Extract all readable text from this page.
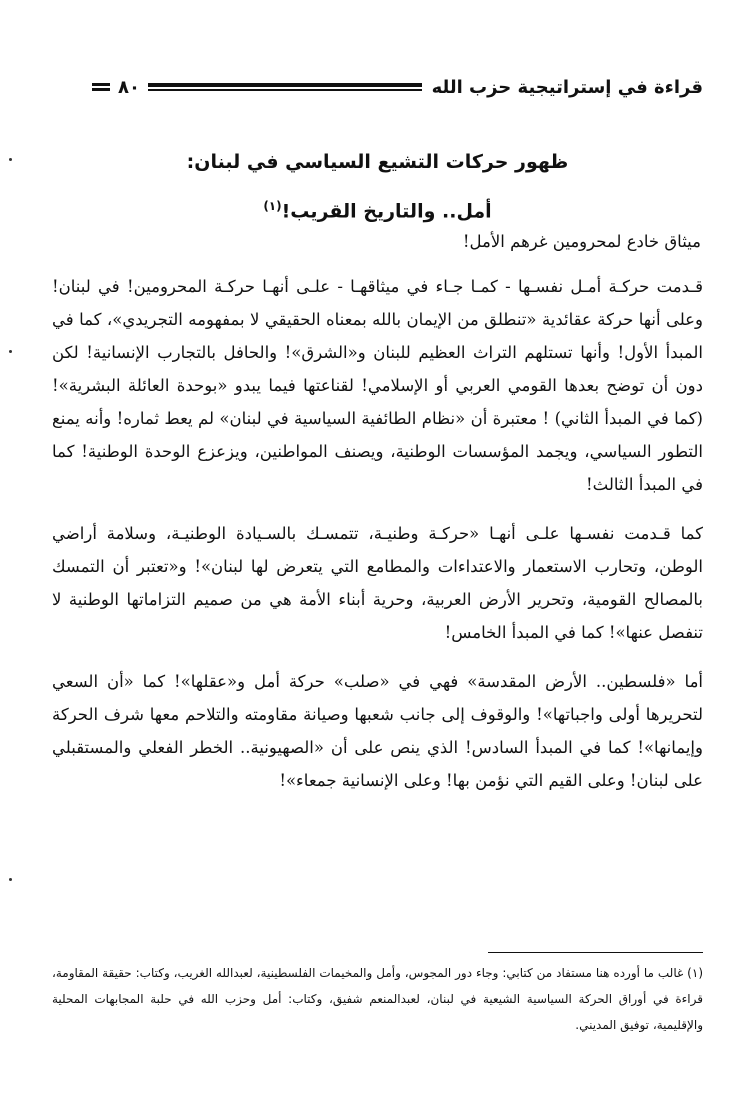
قراءة في إستراتيجية حزب الله
٨٠
ظهور حركات التشيع السياسي في لبنان:
أمل.. والتاريخ القريب!$^{(١)}$

ميثاق خادع لمحرومين غرهم الأمل!

قـدمت حركـة أمـل نفسـها - كمـا جـاء في ميثاقهـا - علـى أنهـا حركـة المحرومين! في لبنان! وعلى أنها حركة عقائدية «تنطلق من الإيمان بالله بمعناه الحقيقي لا بمفهومه التجريدي»، كما في المبدأ الأول! وأنها تستلهم التراث العظيم للبنان و«الشرق»! والحافل بالتجارب الإنسانية! لكن دون أن توضح بعدها القومي العربي أو الإسلامي! لقناعتها فيما يبدو «بوحدة العائلة البشرية»! (كما في المبدأ الثاني) ! معتبرة أن «نظام الطائفية السياسية في لبنان» لم يعط ثماره! وأنه يمنع التطور السياسي، ويجمد المؤسسات الوطنية، ويصنف المواطنين، ويزعزع الوحدة الوطنية! كما في المبدأ الثالث!

كما قـدمت نفسـها علـى أنهـا «حركـة وطنيـة، تتمسـك بالسـيادة الوطنيـة، وسلامة أراضي الوطن، وتحارب الاستعمار والاعتداءات والمطامع التي يتعرض لها لبنان»! و«تعتبر أن التمسك بالمصالح القومية، وتحرير الأرض العربية، وحرية أبناء الأمة هي من صميم التزاماتها الوطنية لا تنفصل عنها»! كما في المبدأ الخامس!

أما «فلسطين.. الأرض المقدسة» فهي في «صلب» حركة أمل و«عقلها»! كما «أن السعي لتحريرها أولى واجباتها»! والوقوف إلى جانب شعبها وصيانة مقاومته والتلاحم معها شرف الحركة وإيمانها»! كما في المبدأ السادس! الذي ينص على أن «الصهيونية.. الخطر الفعلي والمستقبلي على لبنان! وعلى القيم التي نؤمن بها! وعلى الإنسانية جمعاء»!

(١) غالب ما أورده هنا مستفاد من كتابي: وجاء دور المجوس، وأمل والمخيمات الفلسطينية، لعبدالله الغريب، وكتاب: حقيقة المقاومة، قراءة في أوراق الحركة السياسية الشيعية في لبنان، لعبدالمنعم شفيق، وكتاب: أمل وحزب الله في حلبة المجابهات المحلية والإقليمية، توفيق المديني.
